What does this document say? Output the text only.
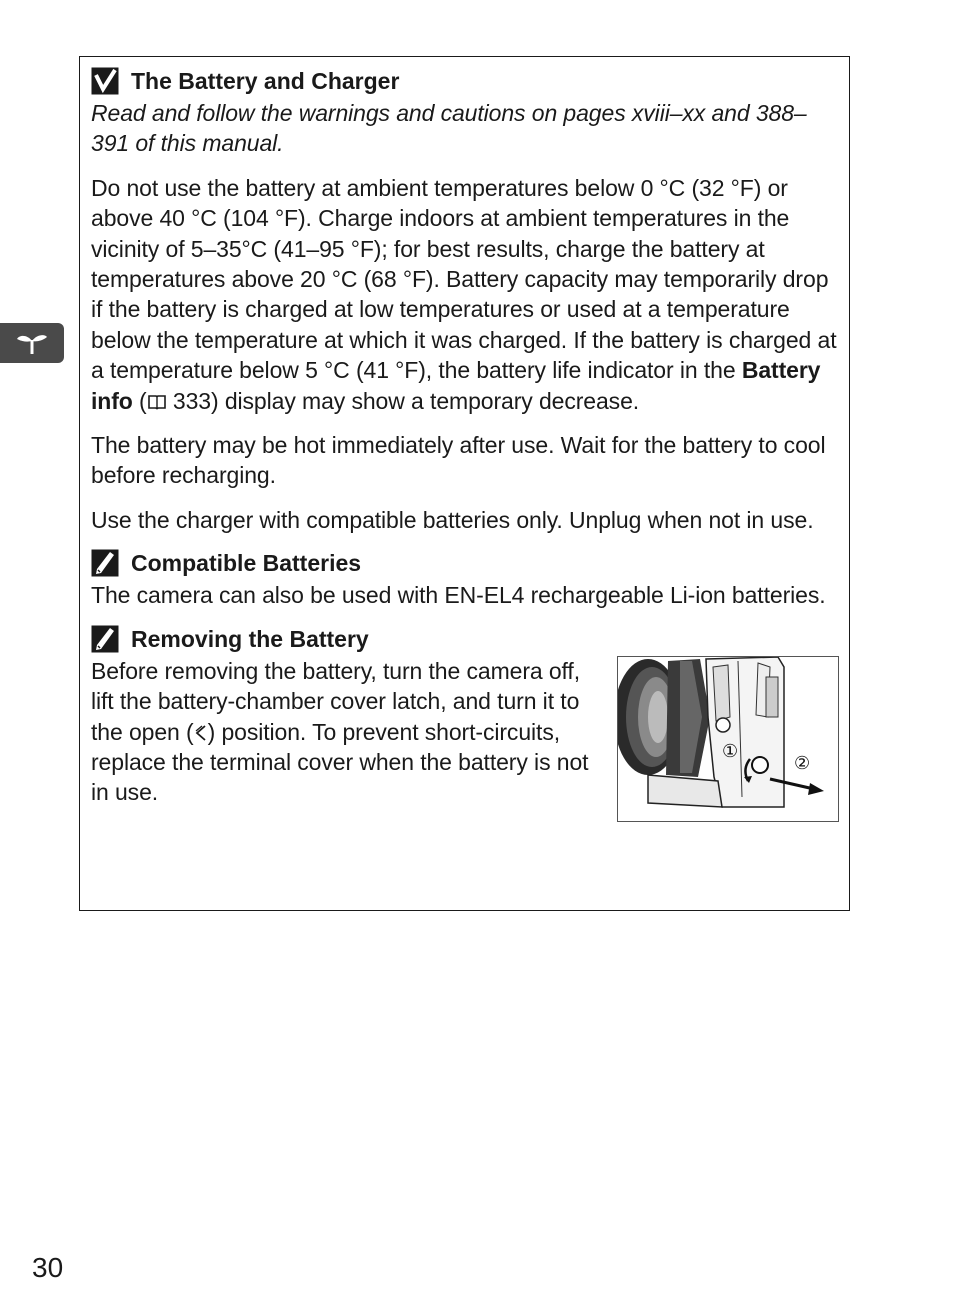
The Battery and Charger

Read and follow the warnings and cautions on pages xviii–xx and 388–391 of this manual.

Do not use the battery at ambient temperatures below 0 °C (32 °F) or above 40 °C (104 °F). Charge indoors at ambient temperatures in the vicinity of 5–35°C (41–95 °F); for best results, charge the battery at temperatures above 20 °C (68 °F). Battery capacity may temporarily drop if the battery is charged at low temperatures or used at a temperature below the temperature at which it was charged. If the battery is charged at a temperature below 5 °C (41 °F), the battery life indicator in the Battery info ( 333) display may show a temporary decrease.

The battery may be hot immediately after use. Wait for the battery to cool before recharging.

Use the charger with compatible batteries only. Unplug when not in use.

Compatible Batteries

The camera can also be used with EN-EL4 rechargeable Li-ion batteries.

Removing the Battery

Before removing the battery, turn the camera off, lift the battery-chamber cover latch, and turn it to the open ( ) position. To prevent short-circuits, replace the terminal cover when the battery is not in use.

①
②
30
